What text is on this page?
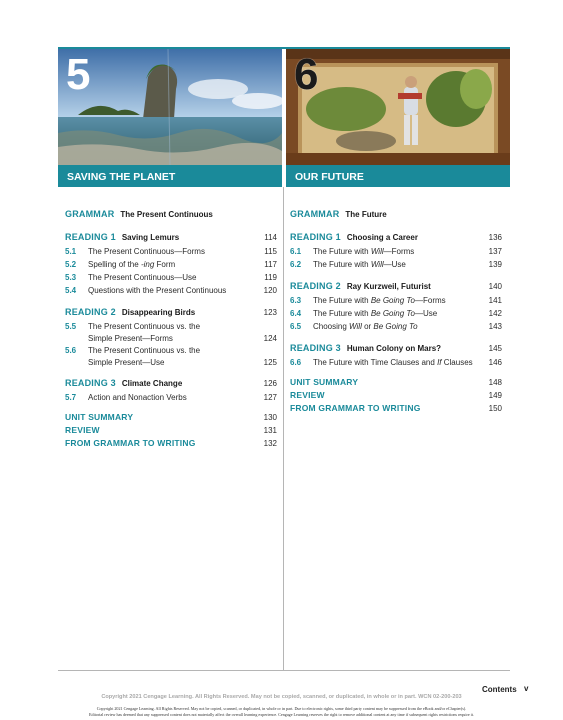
5	6
SAVING THE PLANET	OUR FUTURE
GRAMMAR The Present Continuous
READING 1 Saving Lemurs	114
5.1 The Present Continuous—Forms	115
5.2 Spelling of the -ing Form	117
5.3 The Present Continuous—Use	119
5.4 Questions with the Present Continuous	120
READING 2 Disappearing Birds	123
5.5 The Present Continuous vs. the
Simple Present—Forms	124
5.6 The Present Continuous vs. the
Simple Present—Use	125
READING 3 Climate Change	126
5.7 Action and Nonaction Verbs	127
UNIT SUMMARY	130
REVIEW	131
FROM GRAMMAR TO WRITING	132
GRAMMAR The Future
READING 1 Choosing a Career	136
6.1 The Future with Will—Forms	137
6.2 The Future with Will—Use	139
READING 2 Ray Kurzweil, Futurist	140
6.3 The Future with Be Going To—Forms	141
6.4 The Future with Be Going To—Use	142
6.5 Choosing Will or Be Going To	143
READING 3 Human Colony on Mars?	145
6.6 The Future with Time Clauses and If Clauses	146
UNIT SUMMARY	148
REVIEW	149
FROM GRAMMAR TO WRITING	150
Contents v
Copyright 2021 Cengage Learning. All Rights Reserved. May not be copied, scanned, or duplicated, in whole or in part. WCN 02-200-203
Copyright 2021 Cengage Learning. All Rights Reserved. May not be copied, scanned, or duplicated, in whole or in part. Due to electronic rights, some third party content may be suppressed from the eBook and/or eChapter(s).
Editorial review has deemed that any suppressed content does not materially affect the overall learning experience. Cengage Learning reserves the right to remove additional content at any time if subsequent rights restrictions require it.
